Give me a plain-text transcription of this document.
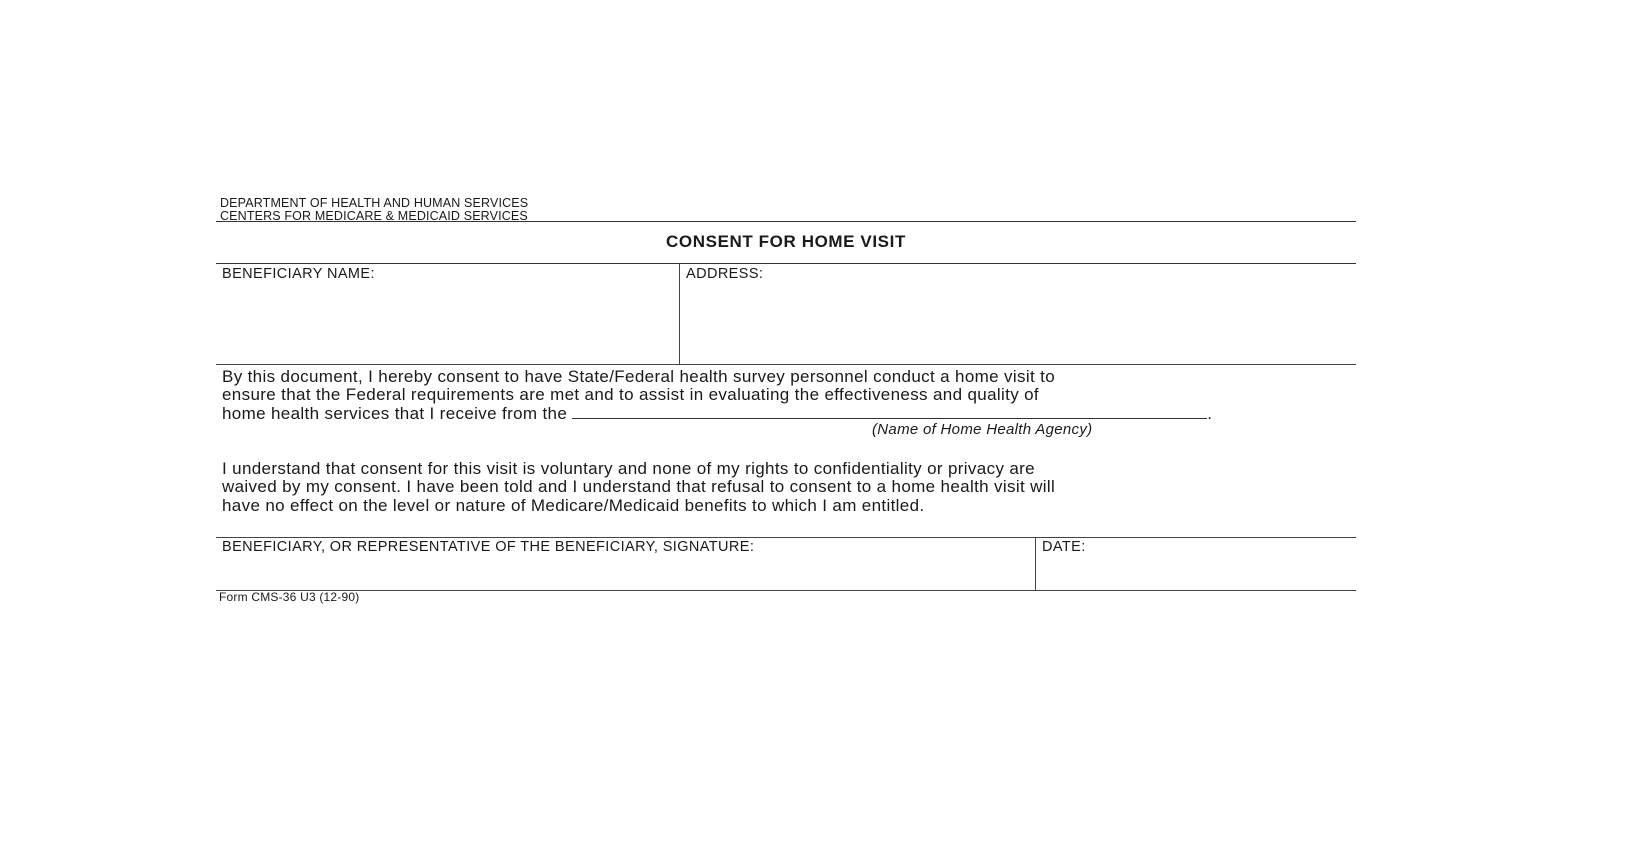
DEPARTMENT OF HEALTH AND HUMAN SERVICES
CENTERS FOR MEDICARE & MEDICAID SERVICES
CONSENT FOR HOME VISIT
BENEFICIARY NAME:	ADDRESS:
By this document, I hereby consent to have State/Federal health survey personnel conduct a home visit to
ensure that the Federal requirements are met and to assist in evaluating the effectiveness and quality of
home health services that I receive from the	.
(Name of Home Health Agency)
I understand that consent for this visit is voluntary and none of my rights to confidentiality or privacy are
waived by my consent. I have been told and I understand that refusal to consent to a home health visit will
have no effect on the level or nature of Medicare/Medicaid benefits to which I am entitled.
BENEFICIARY, OR REPRESENTATIVE OF THE BENEFICIARY, SIGNATURE:	DATE:
Form CMS-36 U3 (12-90)
